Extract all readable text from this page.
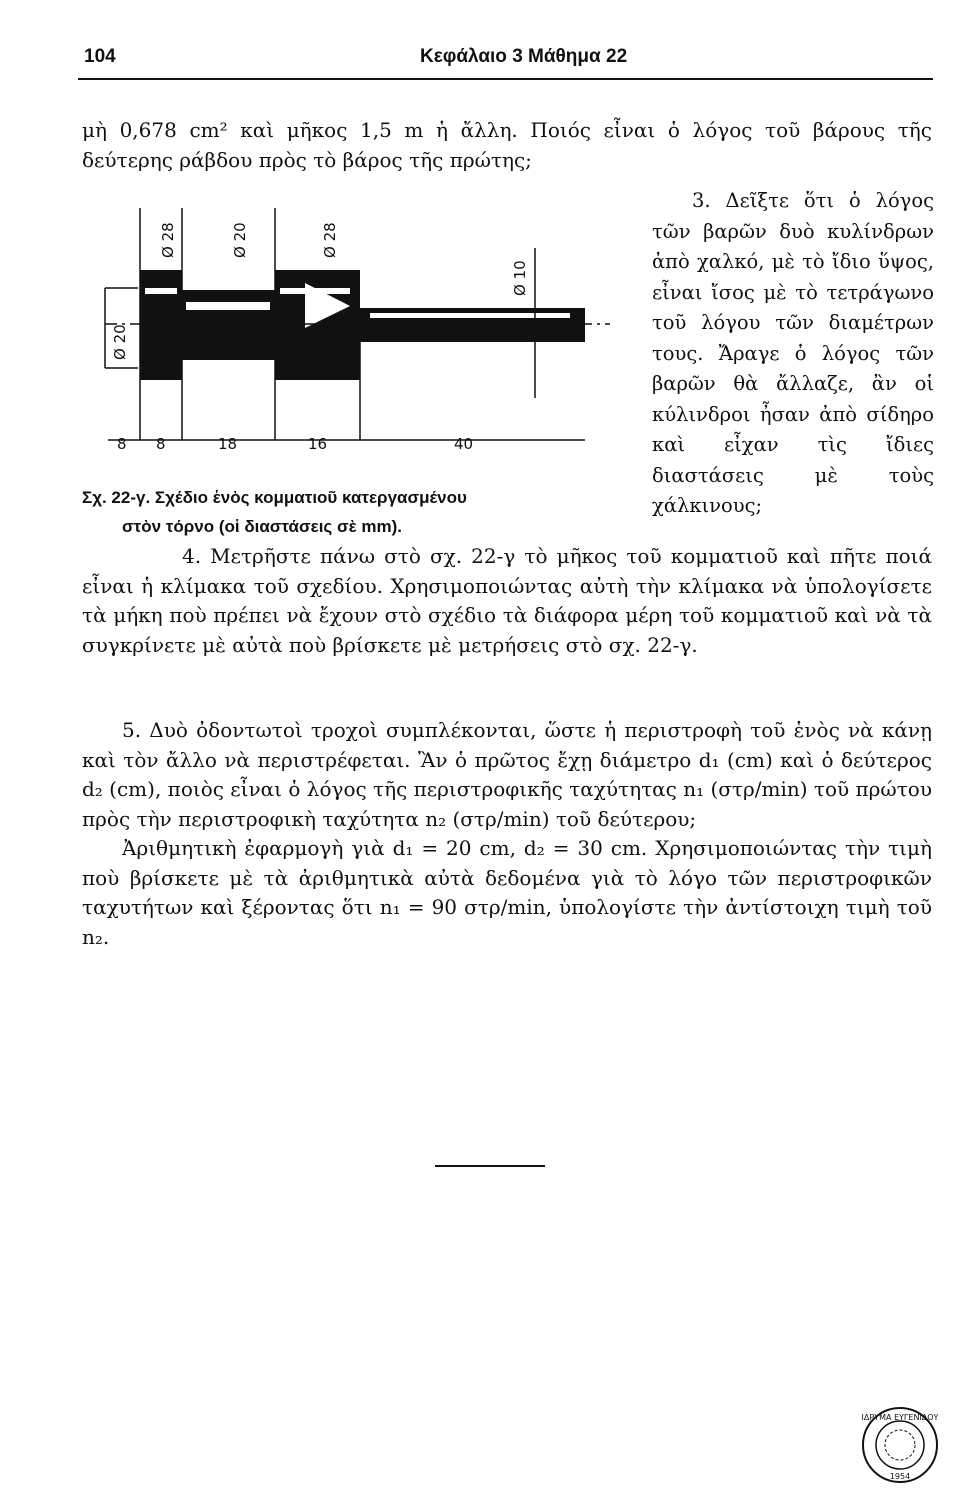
104	Κεφάλαιο 3 Μάθημα 22

μὴ 0,678 cm² καὶ μῆκος 1,5 m ἡ ἄλλη. Ποιός εἶναι ὁ λόγος τοῦ βάρους τῆς δεύτερης ράβδου πρὸς τὸ βάρος τῆς πρώτης;

3. Δεῖξτε ὅτι ὁ λόγος τῶν βαρῶν δυὸ κυλίνδρων ἀπὸ χαλκό, μὲ τὸ ἴδιο ὕψος, εἶναι ἴσος μὲ τὸ τετράγωνο τοῦ λόγου τῶν διαμέτρων τους. Ἄραγε ὁ λόγος τῶν βαρῶν θὰ ἄλλαζε, ἂν οἱ κύλινδροι ἦσαν ἀπὸ σίδηρο καὶ εἶχαν τὶς ἴδιες διαστάσεις μὲ τοὺς χάλκινους;

Ø 28	Ø 20	Ø 28
Ø 10
Ø 20
8 8	18	16	40
Σχ. 22-γ. Σχέδιο ἑνὸς κομματιοῦ κατεργασμένου
στὸν τόρνο (οἱ διαστάσεις σὲ mm).

4. Μετρῆστε πάνω στὸ σχ. 22-γ τὸ μῆκος τοῦ κομματιοῦ καὶ πῆτε ποιά εἶναι ἡ κλίμακα τοῦ σχεδίου. Χρησιμοποιώντας αὐτὴ τὴν κλίμακα νὰ ὑπολογίσετε τὰ μήκη ποὺ πρέπει νὰ ἔχουν στὸ σχέδιο τὰ διάφορα μέρη τοῦ κομματιοῦ καὶ νὰ τὰ συγκρίνετε μὲ αὐτὰ ποὺ βρίσκετε μὲ μετρήσεις στὸ σχ. 22-γ.

5. Δυὸ ὀδοντωτοὶ τροχοὶ συμπλέκονται, ὥστε ἡ περιστροφὴ τοῦ ἑνὸς νὰ κάνῃ καὶ τὸν ἄλλο νὰ περιστρέφεται. Ἂν ὁ πρῶτος ἔχῃ διάμετρο d₁ (cm) καὶ ὁ δεύτερος d₂ (cm), ποιὸς εἶναι ὁ λόγος τῆς περιστροφικῆς ταχύτητας n₁ (στρ/min) τοῦ πρώτου πρὸς τὴν περιστροφικὴ ταχύτητα n₂ (στρ/min) τοῦ δεύτερου;

Ἀριθμητικὴ ἐφαρμογὴ γιὰ d₁ = 20 cm, d₂ = 30 cm. Χρησιμοποιώντας τὴν τιμὴ ποὺ βρίσκετε μὲ τὰ ἀριθμητικὰ αὐτὰ δεδομένα γιὰ τὸ λόγο τῶν περιστροφικῶν ταχυτήτων καὶ ξέροντας ὅτι n₁ = 90 στρ/min, ὑπολογίστε τὴν ἀντίστοιχη τιμὴ τοῦ n₂.

ΙΔΡΥΜΑ ΕΥΓΕΝΙΔΟΥ
1954
